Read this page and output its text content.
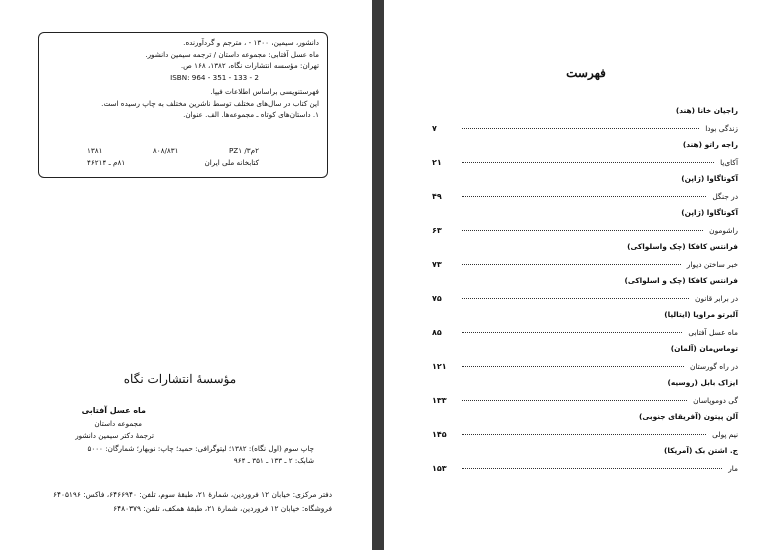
دانشور، سیمین، ۱۳۰۰ - ، مترجم و گردآورنده.
ماه عسل آفتابی: مجموعه داستان / ترجمه سیمین دانشور.
تهران: مؤسسه انتشارات نگاه، ۱۳۸۲، ۱۶۸ ص.
ISBN: 964 - 351 - 133 - 2
فهرستنویسی براساس اطلاعات فیپا.
این کتاب در سال‌های مختلف توسط ناشرین مختلف به چاپ رسیده است.
۱. داستان‌های کوتاه ـ مجموعه‌ها. الف. عنوان.
۲م۳/ PZ۱
۸۰۸/۸۳۱
۱۳۸۱
کتابخانه ملی ایران
۸۱م ـ ۴۶۲۱۴
مؤسسهٔ انتشارات نگاه
ماه عسل آفتابی
مجموعه داستان
ترجمهٔ دکتر سیمین دانشور
چاپ سوم (اول نگاه): ۱۳۸۲؛ لیتوگرافی: حمید؛ چاپ: نوبهار؛ شمارگان: ۵۰۰۰
شابک: ۲ ـ ۱۳۳ ـ ۳۵۱ ـ ۹۶۴
دفتر مرکزی: خیابان ۱۲ فروردین، شمارهٔ ۲۱، طبقهٔ سوم، تلفن: ۶۴۶۶۹۴۰، فاکس: ۶۴۰۵۱۹۶
فروشگاه: خیابان ۱۲ فروردین، شمارهٔ ۲۱، طبقهٔ همکف، تلفن: ۶۴۸۰۳۷۹
فهرست
راجیان خانا (هند)
زندگی بودا
۷
راجه راتو (هند)
آکای‌یا
۲۱
آکوتاگاوا (ژاپن)
در جنگل
۴۹
آکوتاگاوا (ژاپن)
راشومون
۶۳
فرانتس کافکا (چک واسلواکی)
خبر ساختن دیوار
۷۳
فرانتس کافکا (چک و اسلواکی)
در برابر قانون
۷۵
آلبرتو مراویا (ایتالیا)
ماه عسل آفتابی
۸۵
توماس‌مان (آلمان)
در راه گورستان
۱۲۱
ایزاک بابل (روسیه)
گی دوموپاسان
۱۳۳
آلن پیتون (آفریقای جنوبی)
نیم پولی
۱۴۵
ج. اشتن بک (آمریکا)
مار
۱۵۳
